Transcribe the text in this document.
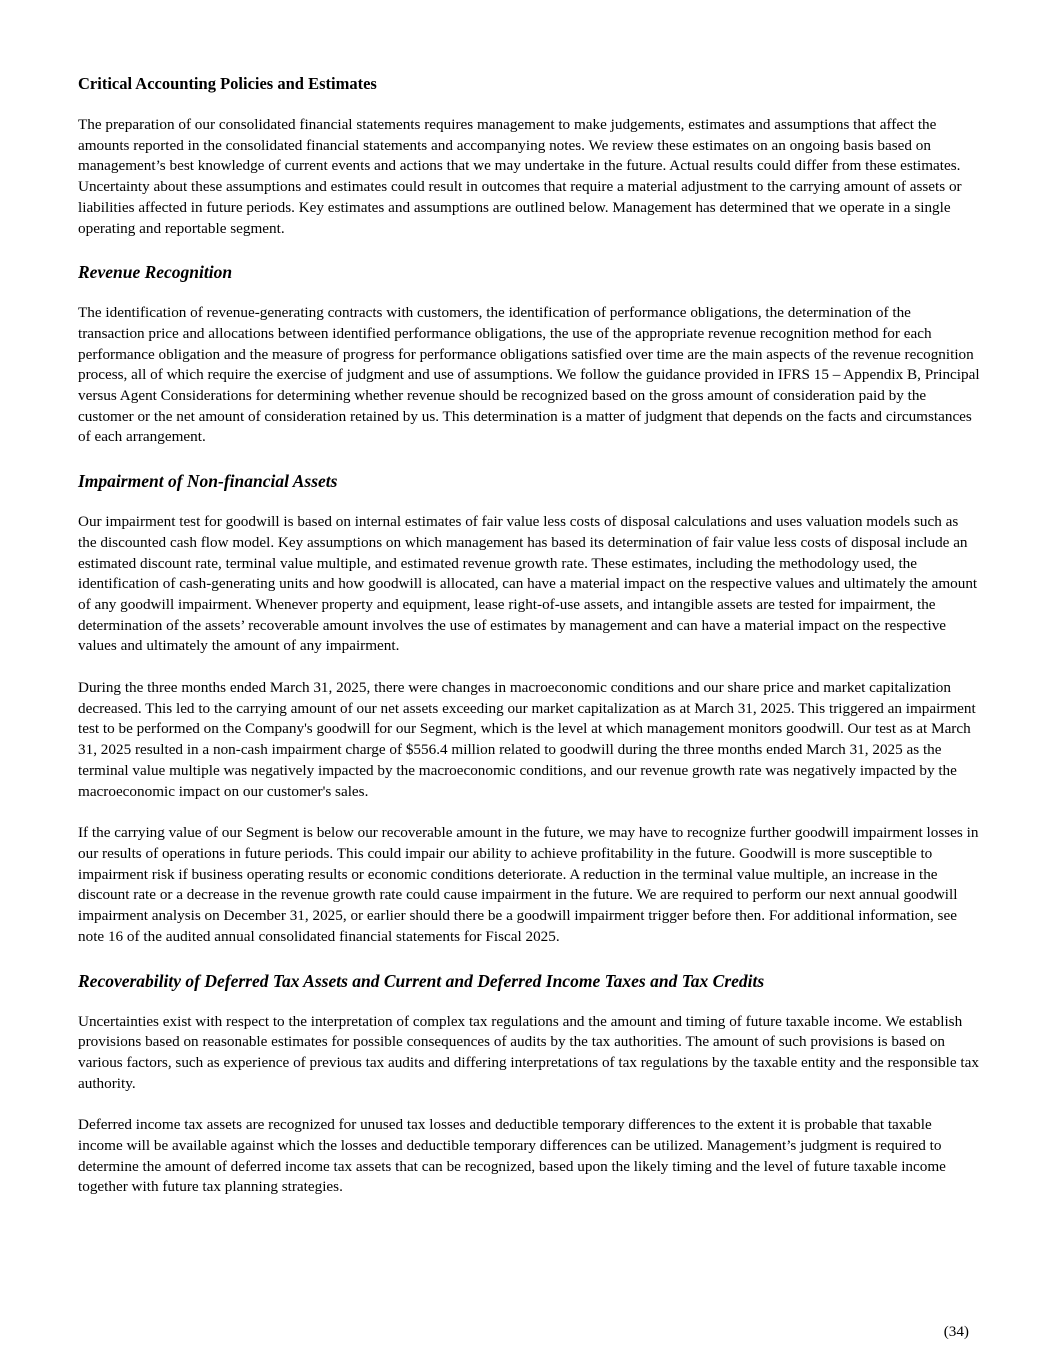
Critical Accounting Policies and Estimates

The preparation of our consolidated financial statements requires management to make judgements, estimates and assumptions that affect the amounts reported in the consolidated financial statements and accompanying notes. We review these estimates on an ongoing basis based on management’s best knowledge of current events and actions that we may undertake in the future. Actual results could differ from these estimates. Uncertainty about these assumptions and estimates could result in outcomes that require a material adjustment to the carrying amount of assets or liabilities affected in future periods. Key estimates and assumptions are outlined below. Management has determined that we operate in a single operating and reportable segment.

Revenue Recognition

The identification of revenue-generating contracts with customers, the identification of performance obligations, the determination of the transaction price and allocations between identified performance obligations, the use of the appropriate revenue recognition method for each performance obligation and the measure of progress for performance obligations satisfied over time are the main aspects of the revenue recognition process, all of which require the exercise of judgment and use of assumptions. We follow the guidance provided in IFRS 15 – Appendix B, Principal versus Agent Considerations for determining whether revenue should be recognized based on the gross amount of consideration paid by the customer or the net amount of consideration retained by us. This determination is a matter of judgment that depends on the facts and circumstances of each arrangement.

Impairment of Non-financial Assets

Our impairment test for goodwill is based on internal estimates of fair value less costs of disposal calculations and uses valuation models such as the discounted cash flow model. Key assumptions on which management has based its determination of fair value less costs of disposal include an estimated discount rate, terminal value multiple, and estimated revenue growth rate. These estimates, including the methodology used, the identification of cash-generating units and how goodwill is allocated, can have a material impact on the respective values and ultimately the amount of any goodwill impairment. Whenever property and equipment, lease right-of-use assets, and intangible assets are tested for impairment, the determination of the assets’ recoverable amount involves the use of estimates by management and can have a material impact on the respective values and ultimately the amount of any impairment.

During the three months ended March 31, 2025, there were changes in macroeconomic conditions and our share price and market capitalization decreased. This led to the carrying amount of our net assets exceeding our market capitalization as at March 31, 2025. This triggered an impairment test to be performed on the Company's goodwill for our Segment, which is the level at which management monitors goodwill. Our test as at March 31, 2025 resulted in a non-cash impairment charge of $556.4 million related to goodwill during the three months ended March 31, 2025 as the terminal value multiple was negatively impacted by the macroeconomic conditions, and our revenue growth rate was negatively impacted by the macroeconomic impact on our customer's sales.

If the carrying value of our Segment is below our recoverable amount in the future, we may have to recognize further goodwill impairment losses in our results of operations in future periods. This could impair our ability to achieve profitability in the future. Goodwill is more susceptible to impairment risk if business operating results or economic conditions deteriorate. A reduction in the terminal value multiple, an increase in the discount rate or a decrease in the revenue growth rate could cause impairment in the future. We are required to perform our next annual goodwill impairment analysis on December 31, 2025, or earlier should there be a goodwill impairment trigger before then. For additional information, see note 16 of the audited annual consolidated financial statements for Fiscal 2025.

Recoverability of Deferred Tax Assets and Current and Deferred Income Taxes and Tax Credits

Uncertainties exist with respect to the interpretation of complex tax regulations and the amount and timing of future taxable income. We establish provisions based on reasonable estimates for possible consequences of audits by the tax authorities. The amount of such provisions is based on various factors, such as experience of previous tax audits and differing interpretations of tax regulations by the taxable entity and the responsible tax authority.

Deferred income tax assets are recognized for unused tax losses and deductible temporary differences to the extent it is probable that taxable income will be available against which the losses and deductible temporary differences can be utilized. Management’s judgment is required to determine the amount of deferred income tax assets that can be recognized, based upon the likely timing and the level of future taxable income together with future tax planning strategies.

(34)
